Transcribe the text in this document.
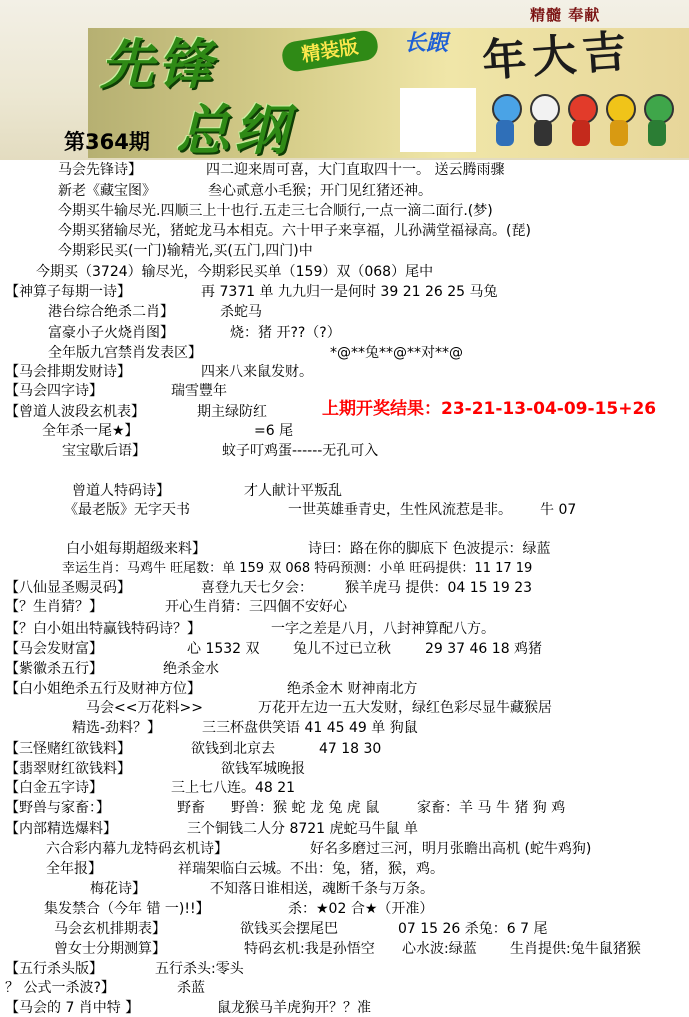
精髓 奉献
先锋	精装版
总纲
长跟 年大吉
第364期
上期开奖结果：23-21-13-04-09-15+26
马会先锋诗】	四二迎来周可喜，大门直取四十一。 送云腾雨骤
新老《藏宝图》	叁心贰意小毛猴；开门见红猪还神。
今期买牛输尽光.四顺三上十也行.五走三七合顺行,一点一滴二面行.(梦)
今期买猪输尽光，猪蛇龙马本相克。六十甲子来享福，儿孙满堂福禄高。(琵)
今期彩民买(一门)输精光,买(五门,四门)中
今期买（3724）输尽光，今期彩民买单（159）双（068）尾中
【神算子每期一诗】	再 7371 单 九九归一是何时 39 21 26 25 马兔
港台综合绝杀二肖】	杀蛇马
富豪小子火烧肖图】	烧：猪 开??（?）
全年版九宫禁肖发表区】	*@**兔**@**对**@
【马会排期发财诗】	四来八来鼠发财。
【马会四字诗】	瑞雪豐年
【曾道人波段玄机表】	期主绿防红
全年杀一尾★】	=6 尾
宝宝歇后语】	蚊子叮鸡蛋------无孔可入
曾道人特码诗】	才人献计平叛乱
《最老版》无字天书	一世英雄垂青史，生性风流惹是非。 牛 07
白小姐每期超级来料】	诗曰：路在你的脚底下 色波提示：绿蓝
幸运生肖：马鸡牛 旺尾数：单 159 双 068 特码预测：小单 旺码提供：11 17 19
【八仙显圣赐灵码】	喜登九天七夕会： 猴羊虎马 提供：04 15 19 23
【？生肖猜？】	开心生肖猜：三四個不安好心
【？白小姐出特赢钱特码诗？】	一字之差是八月，八封神算配八方。
【马会发财富】	心 1532 双 兔儿不过已立秋 29 37 46 18 鸡猪
【紫徽杀五行】	绝杀金水
【白小姐绝杀五行及财神方位】	绝杀金木 财神南北方
马会<<万花料>>	万花开左边一五大发财，绿红色彩尽显牛藏猴居
精选-劲料？】	三三杯盘供笑语 41 45 49 单 狗鼠
【三怪赌红欲钱料】	欲钱到北京去	47 18 30
【翡翠财红欲钱料】	欲钱军城晚报
【白金五字诗】	三上七八连。48 21
【野兽与家畜：】	野畜 野兽：猴 蛇 龙 兔 虎 鼠	家畜：羊 马 牛 猪 狗 鸡
【内部精选爆料】	三个铜钱二人分 8721 虎蛇马牛鼠 单
六合彩内幕九龙特码玄机诗】	好名多磨过三河，明月张瞻出高机 (蛇牛鸡狗)
全年报】	祥瑞架临白云城。不出：兔，猪，猴，鸡。
梅花诗】	不知落日谁相送，魂断千条与万条。
集发禁合（今年 错 一)!!】	杀：★02 合★（开准）
马会玄机排期表】	欲钱买会摆尾巴	07 15 26 杀兔：6 7 尾
曾女士分期测算】	特码玄机:我是孙悟空 心水波:绿蓝 生肖提供:兔牛鼠猪猴
【五行杀头版】	五行杀头:零头
？ 公式一杀波?】	杀蓝
【马会的 7 肖中特 】	鼠龙猴马羊虎狗开？？准
